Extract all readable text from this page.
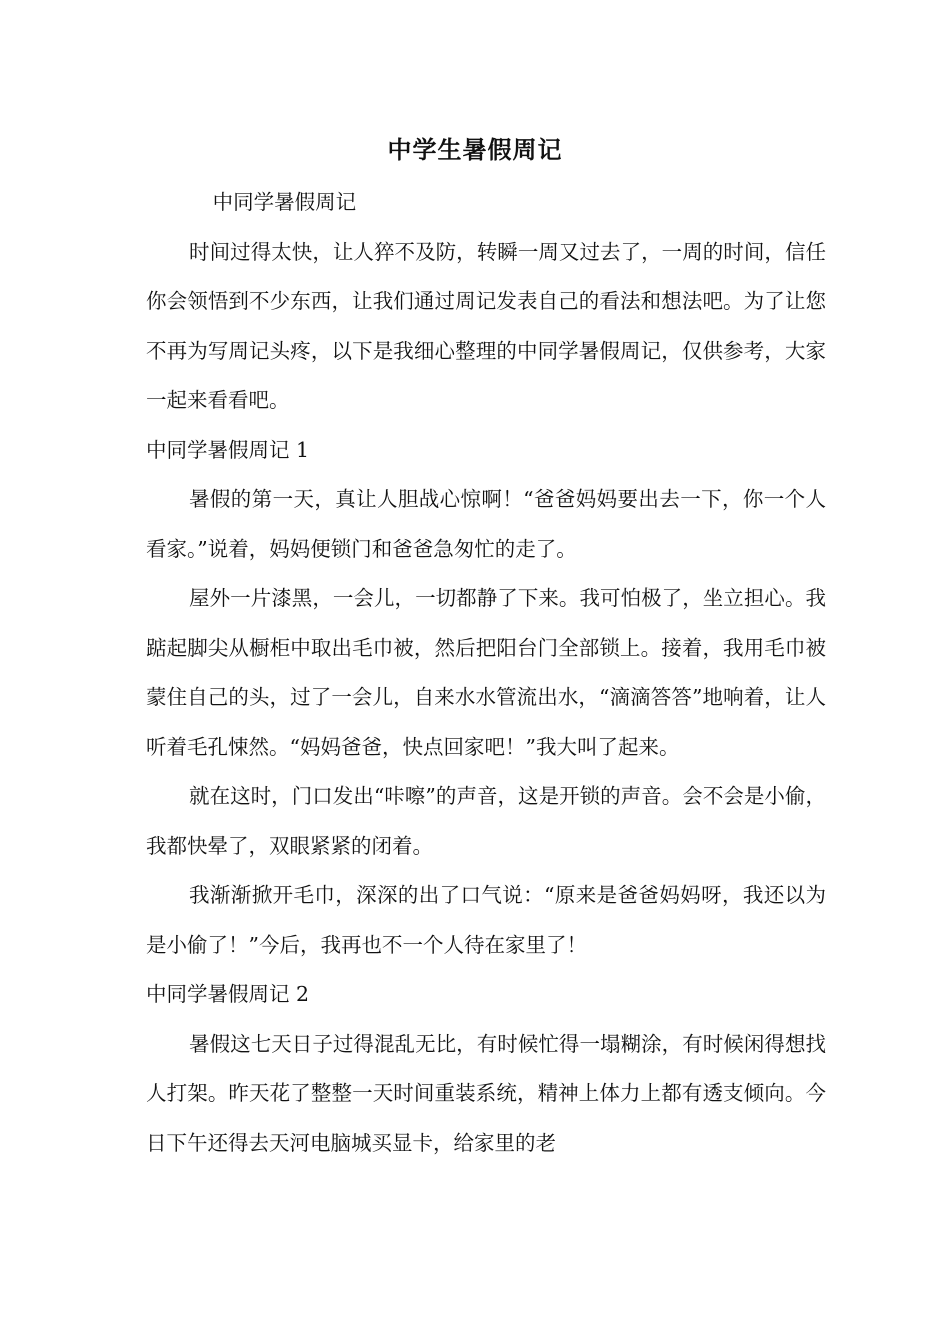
中学生暑假周记

中同学暑假周记

时间过得太快，让人猝不及防，转瞬一周又过去了，一周的时间，信任你会领悟到不少东西，让我们通过周记发表自己的看法和想法吧。为了让您不再为写周记头疼，以下是我细心整理的中同学暑假周记，仅供参考，大家一起来看看吧。

中同学暑假周记 1

暑假的第一天，真让人胆战心惊啊！“爸爸妈妈要出去一下，你一个人看家。”说着，妈妈便锁门和爸爸急匆忙的走了。

屋外一片漆黑，一会儿，一切都静了下来。我可怕极了，坐立担心。我踮起脚尖从橱柜中取出毛巾被，然后把阳台门全部锁上。接着，我用毛巾被蒙住自己的头，过了一会儿，自来水水管流出水，“滴滴答答”地响着，让人听着毛孔悚然。“妈妈爸爸，快点回家吧！”我大叫了起来。

就在这时，门口发出“咔嚓”的声音，这是开锁的声音。会不会是小偷，我都快晕了，双眼紧紧的闭着。

我渐渐掀开毛巾，深深的出了口气说：“原来是爸爸妈妈呀，我还以为是小偷了！”今后，我再也不一个人待在家里了！

中同学暑假周记 2

暑假这七天日子过得混乱无比，有时候忙得一塌糊涂，有时候闲得想找人打架。昨天花了整整一天时间重装系统，精神上体力上都有透支倾向。今日下午还得去天河电脑城买显卡，给家里的老
